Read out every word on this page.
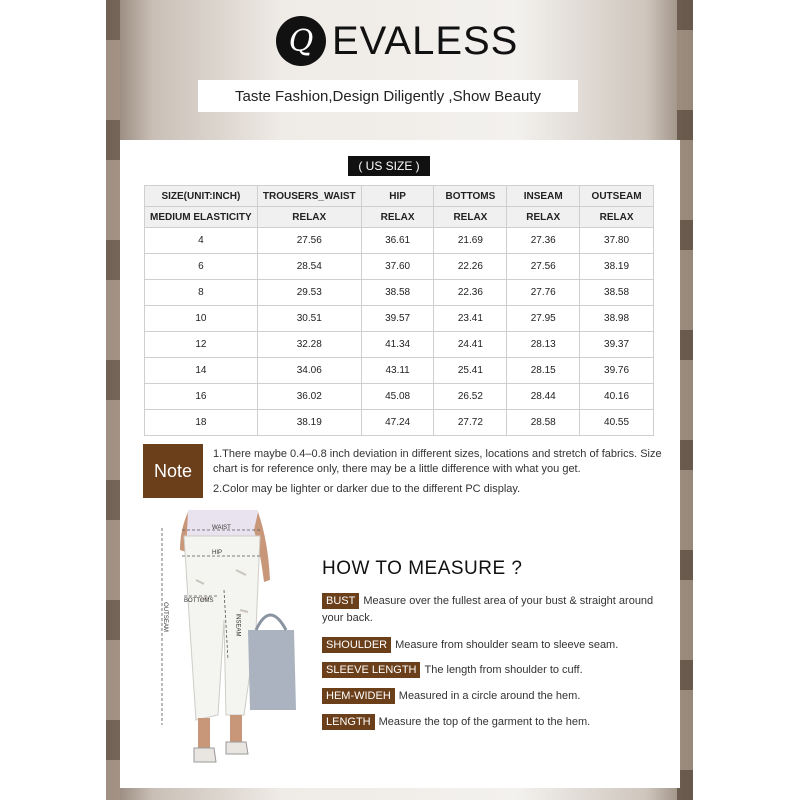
Q EVALESS
Taste Fashion,Design Diligently ,Show Beauty
( US SIZE )
SIZE(UNIT:INCH)	TROUSERS_WAIST	HIP	BOTTOMS	INSEAM	OUTSEAM
MEDIUM ELASTICITY	RELAX	RELAX	RELAX	RELAX	RELAX
4	27.56	36.61	21.69	27.36	37.80
6	28.54	37.60	22.26	27.56	38.19
8	29.53	38.58	22.36	27.76	38.58
10	30.51	39.57	23.41	27.95	38.98
12	32.28	41.34	24.41	28.13	39.37
14	34.06	43.11	25.41	28.15	39.76
16	36.02	45.08	26.52	28.44	40.16
18	38.19	47.24	27.72	28.58	40.55
Note

1.There maybe 0.4–0.8 inch deviation in different sizes, locations and stretch of fabrics. Size chart is for reference only, there may be a little difference with what you get.

2.Color may be lighter or darker due to the different PC display.

WAIST
HIP
BOTTOMS
INSEAM
OUTSEAM
HOW TO MEASURE ?
BUST Measure over the fullest area of your bust & straight around your back.
SHOULDER Measure from shoulder seam to sleeve seam.
SLEEVE LENGTH The length from shoulder to cuff.
HEM-WIDEH Measured in a circle around the hem.
LENGTH Measure the top of the garment to the hem.
